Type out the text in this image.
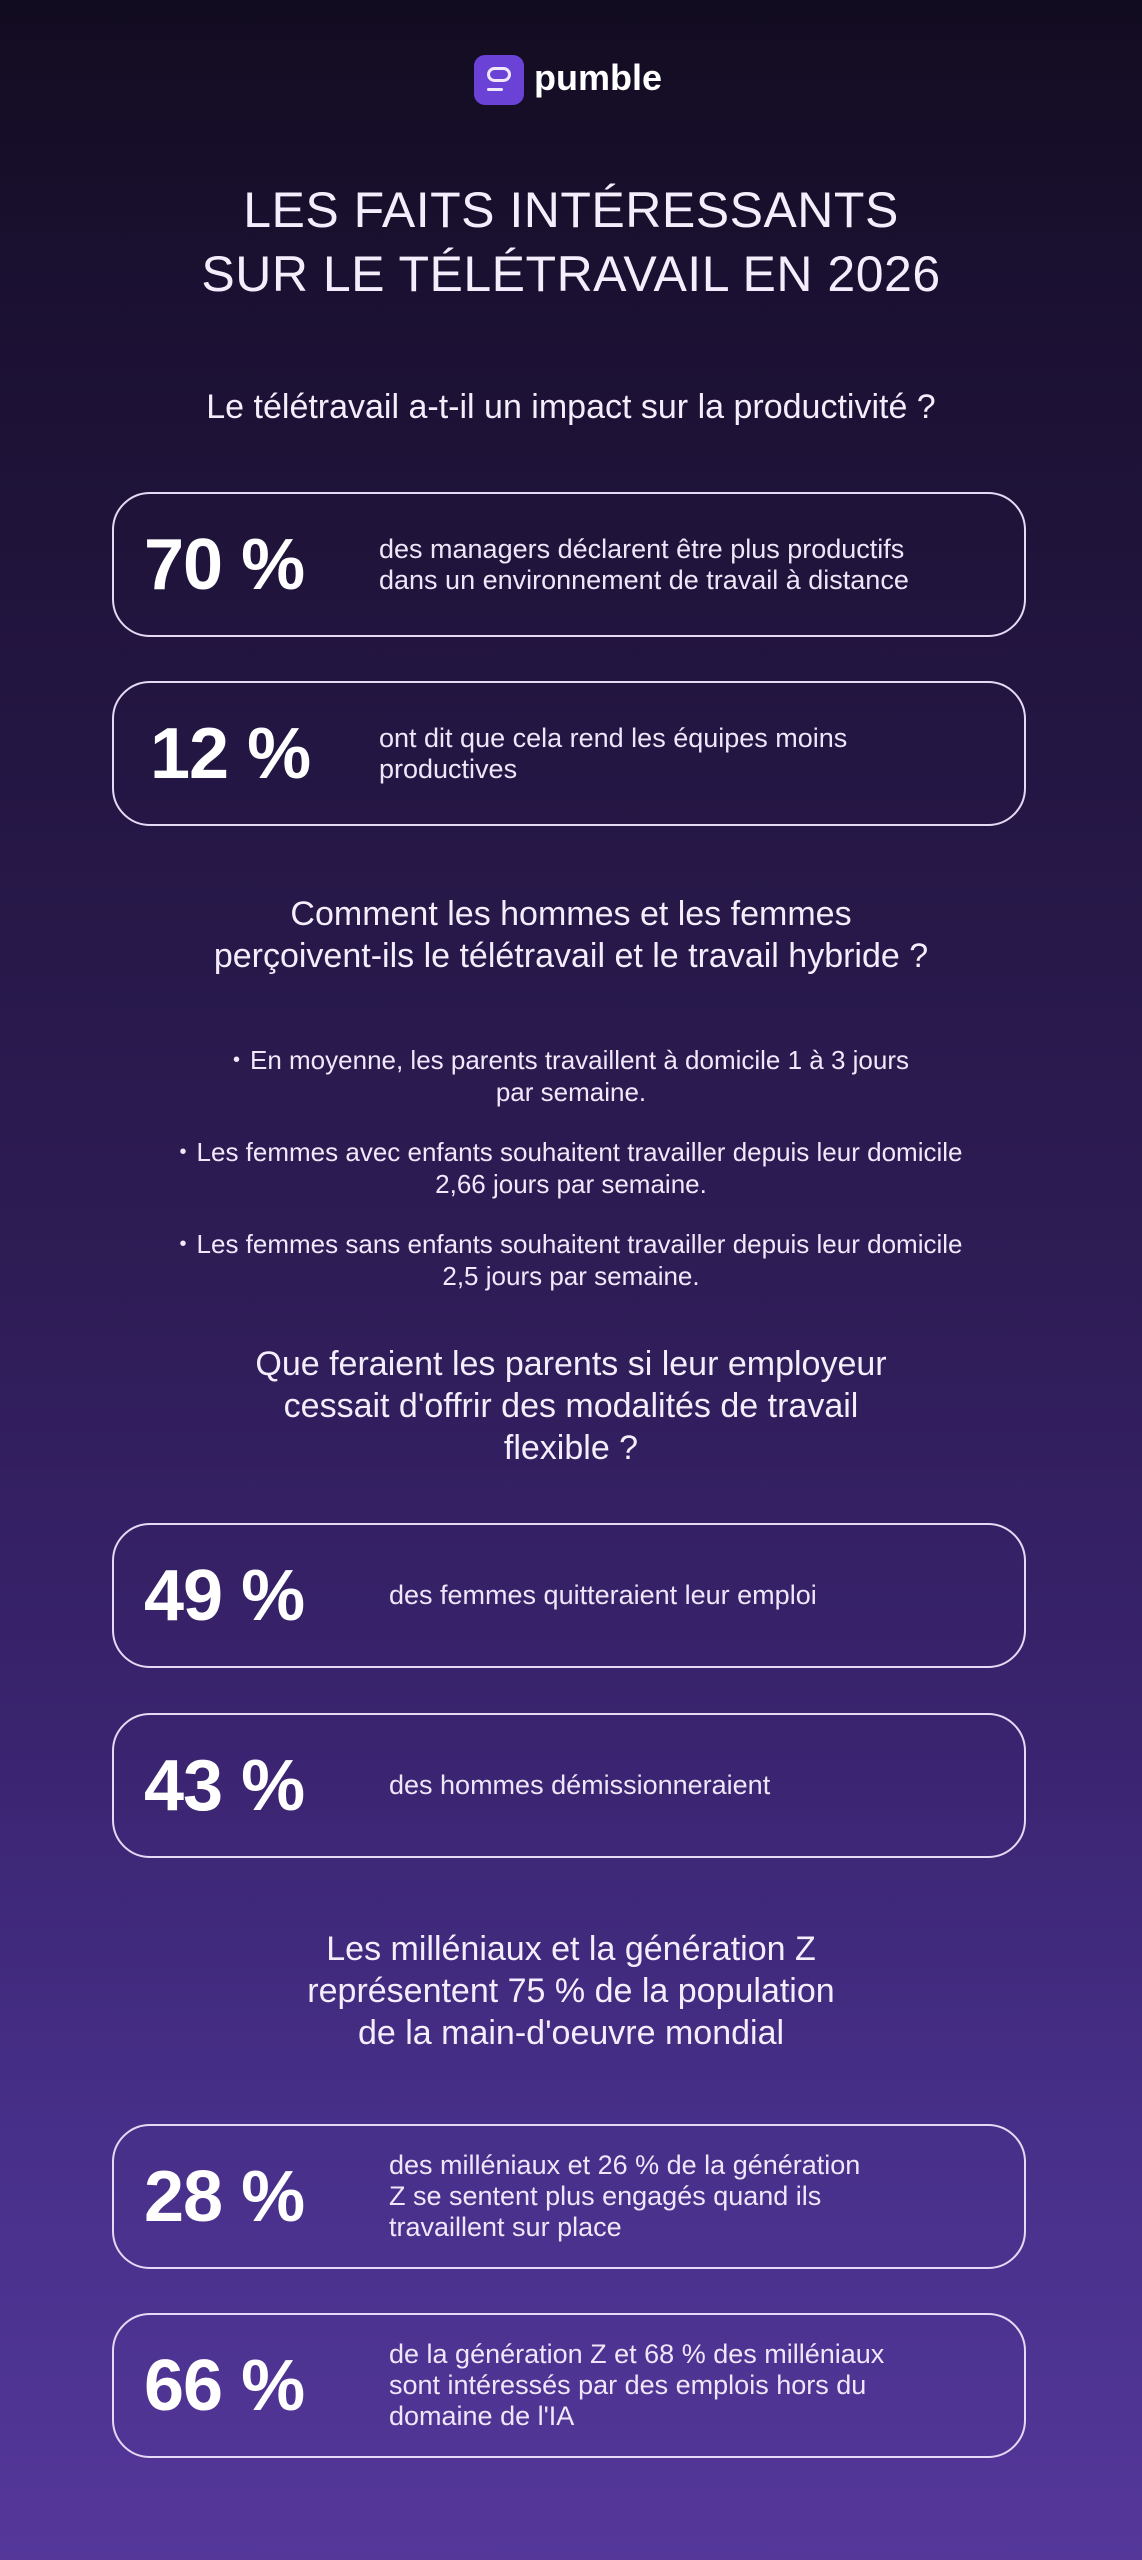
pumble
LES FAITS INTÉRESSANTS
SUR LE TÉLÉTRAVAIL EN 2026
Le télétravail a-t-il un impact sur la productivité ?
70 %	des managers déclarent être plus productifs
dans un environnement de travail à distance
12 %	ont dit que cela rend les équipes moins
productives
Comment les hommes et les femmes
perçoivent-ils le télétravail et le travail hybride ?
• En moyenne, les parents travaillent à domicile 1 à 3 jours
par semaine.
• Les femmes avec enfants souhaitent travailler depuis leur domicile
2,66 jours par semaine.
• Les femmes sans enfants souhaitent travailler depuis leur domicile
2,5 jours par semaine.
Que feraient les parents si leur employeur
cessait d'offrir des modalités de travail
flexible ?
49 %	des femmes quitteraient leur emploi
43 %	des hommes démissionneraient
Les milléniaux et la génération Z
représentent 75 % de la population
de la main-d'oeuvre mondial
28 %	des milléniaux et 26 % de la génération
Z se sentent plus engagés quand ils
travaillent sur place
66 %	de la génération Z et 68 % des milléniaux
sont intéressés par des emplois hors du
domaine de l'IA
